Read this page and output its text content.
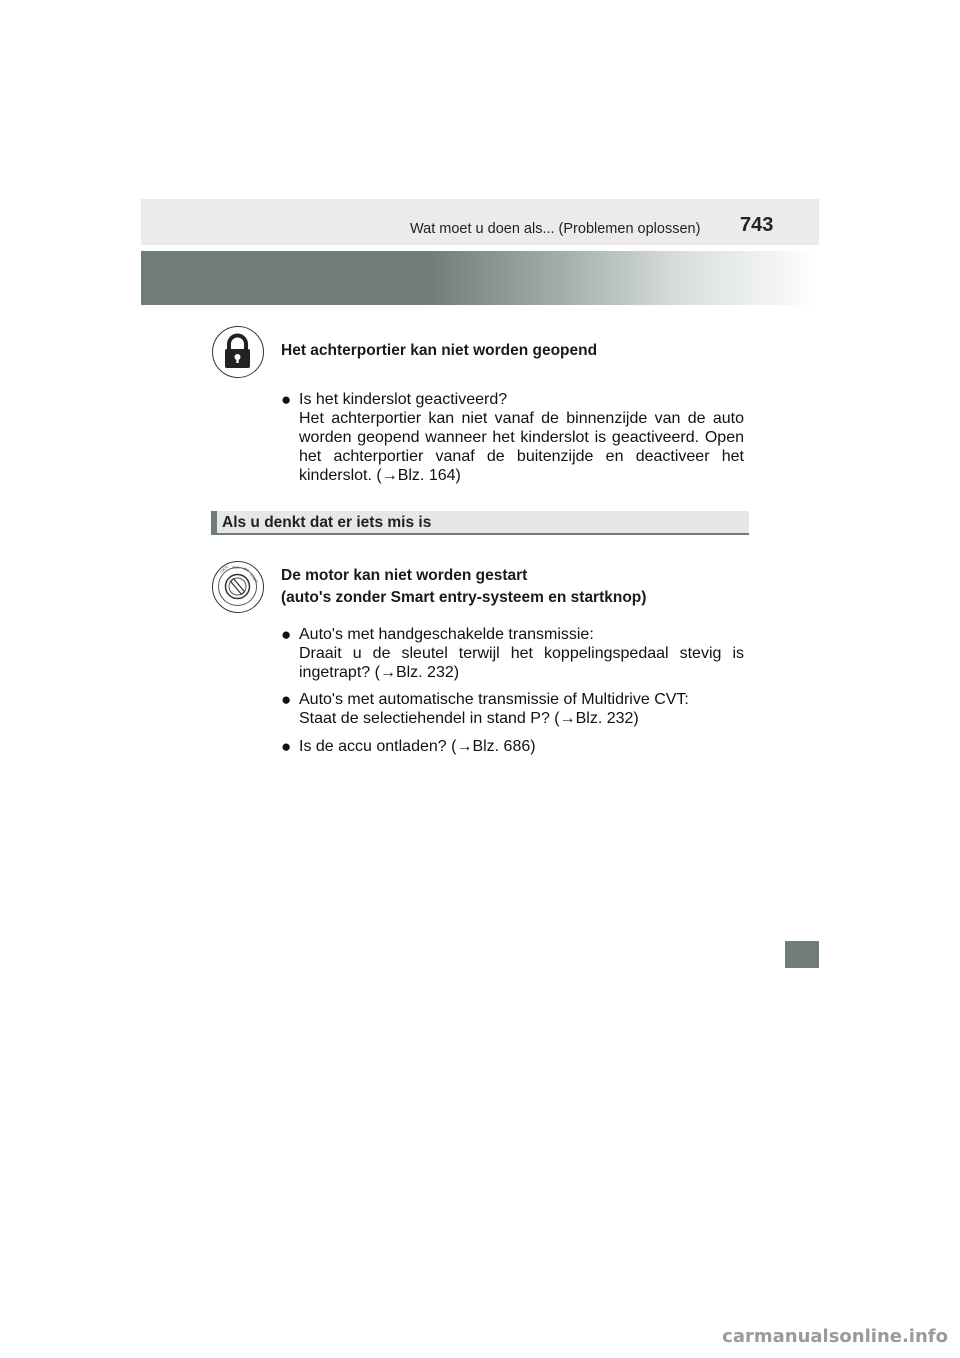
Wat moet u doen als... (Problemen oplossen) 743
Het achterportier kan niet worden geopend
● Is het kinderslot geactiveerd?

Het achterportier kan niet vanaf de binnenzijde van de auto worden geopend wanneer het kinderslot is geactiveerd. Open het achterportier vanaf de buitenzijde en deactiveer het kinderslot. (→Blz. 164)

Als u denkt dat er iets mis is
LOCK ACC ON
START De motor kan niet worden gestart
(auto's zonder Smart entry-systeem en startknop)
● Auto's met handgeschakelde transmissie:

Draait u de sleutel terwijl het koppelingspedaal stevig is ingetrapt? (→Blz. 232)

● Auto's met automatische transmissie of Multidrive CVT:

Staat de selectiehendel in stand P? (→Blz. 232)

● Is de accu ontladen? (→Blz. 686)

carmanualsonline.info
